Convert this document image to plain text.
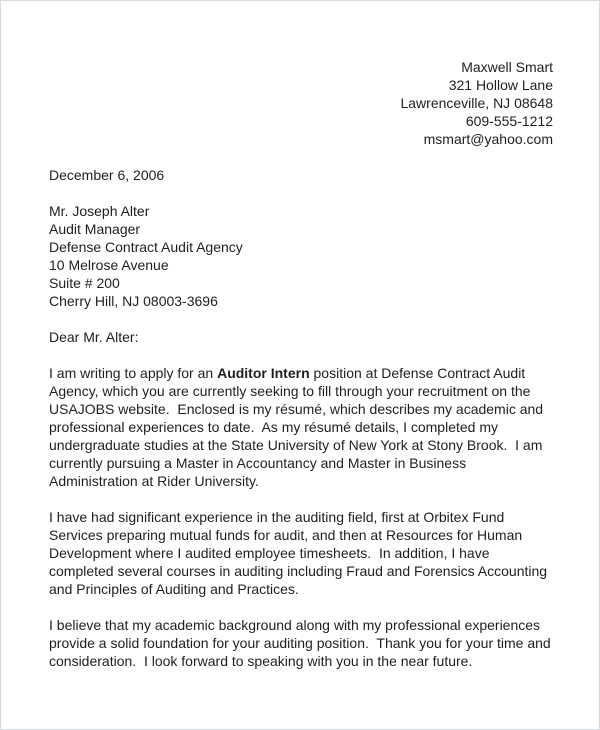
Maxwell Smart
321 Hollow Lane
Lawrenceville, NJ 08648
609-555-1212
msmart@yahoo.com
December 6, 2006
Mr. Joseph Alter
Audit Manager
Defense Contract Audit Agency
10 Melrose Avenue
Suite # 200
Cherry Hill, NJ 08003-3696
Dear Mr. Alter:

I am writing to apply for an Auditor Intern position at Defense Contract Audit Agency, which you are currently seeking to fill through your recruitment on the USAJOBS website.  Enclosed is my résumé, which describes my academic and professional experiences to date.  As my résumé details, I completed my undergraduate studies at the State University of New York at Stony Brook.  I am currently pursuing a Master in Accountancy and Master in Business Administration at Rider University.

I have had significant experience in the auditing field, first at Orbitex Fund Services preparing mutual funds for audit, and then at Resources for Human Development where I audited employee timesheets.  In addition, I have completed several courses in auditing including Fraud and Forensics Accounting and Principles of Auditing and Practices.

I believe that my academic background along with my professional experiences provide a solid foundation for your auditing position.  Thank you for your time and consideration.  I look forward to speaking with you in the near future.
